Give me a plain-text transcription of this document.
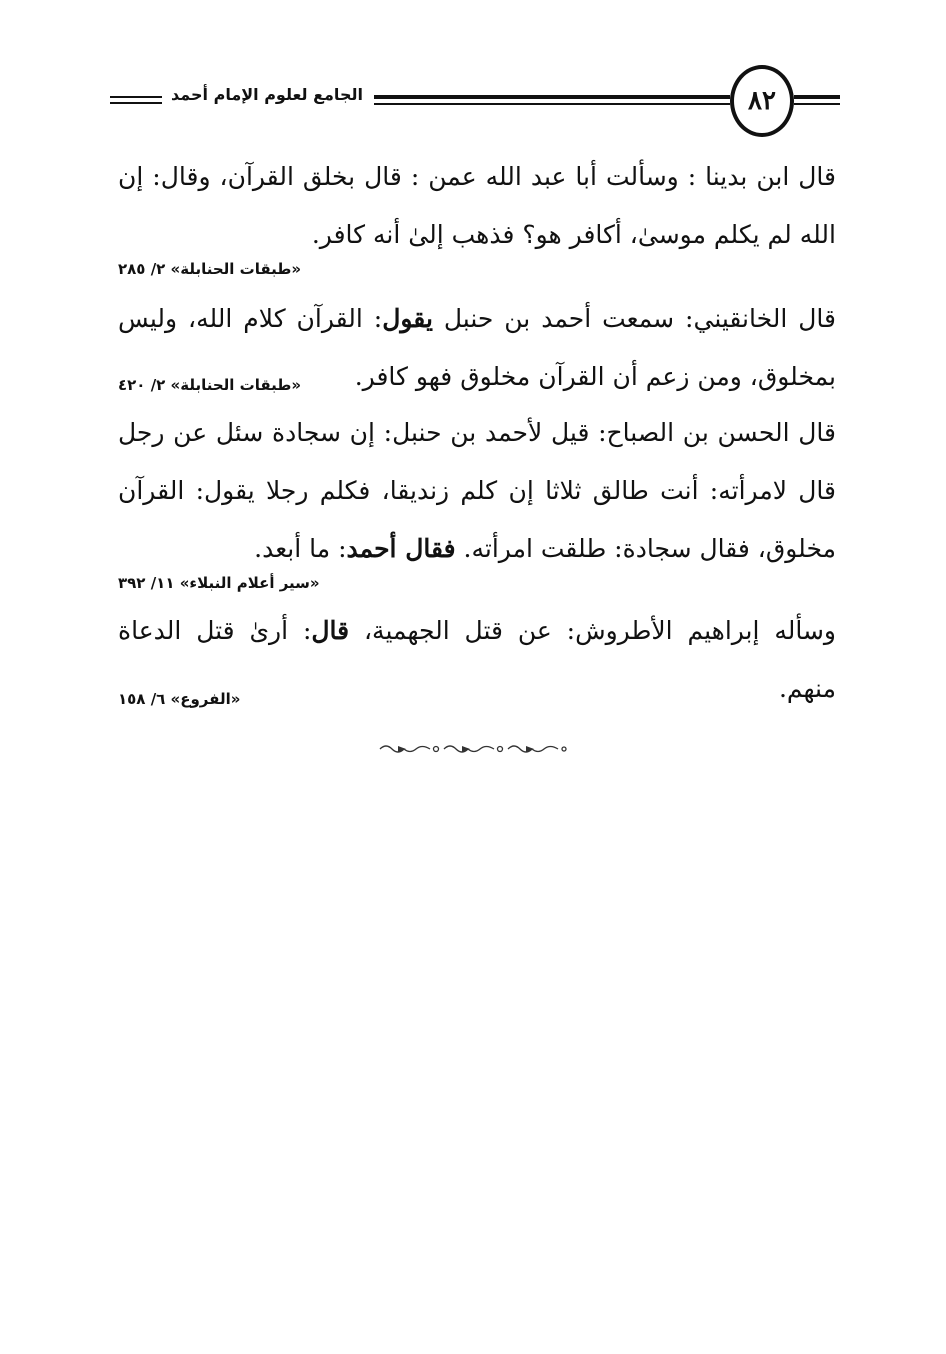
الجامع لعلوم الإمام أحمد	٨٢

قال ابن بدينا : وسألت أبا عبد الله عمن : قال بخلق القرآن، وقال: إن الله لم يكلم موسىٰ، أكافر هو؟ فذهب إلىٰ أنه كافر.

«طبقات الحنابلة» ٢/ ٢٨٥

قال الخانقيني: سمعت أحمد بن حنبل يقول: القرآن كلام الله، وليس بمخلوق، ومن زعم أن القرآن مخلوق فهو كافر.

«طبقات الحنابلة» ٢/ ٤٢٠

قال الحسن بن الصباح: قيل لأحمد بن حنبل: إن سجادة سئل عن رجل قال لامرأته: أنت طالق ثلاثا إن كلم زنديقا، فكلم رجلا يقول: القرآن مخلوق، فقال سجادة: طلقت امرأته. فقال أحمد: ما أبعد.

«سير أعلام النبلاء» ١١/ ٣٩٢

وسأله إبراهيم الأطروش: عن قتل الجهمية، قال: أرىٰ قتل الدعاة منهم.

«الفروع» ٦/ ١٥٨
